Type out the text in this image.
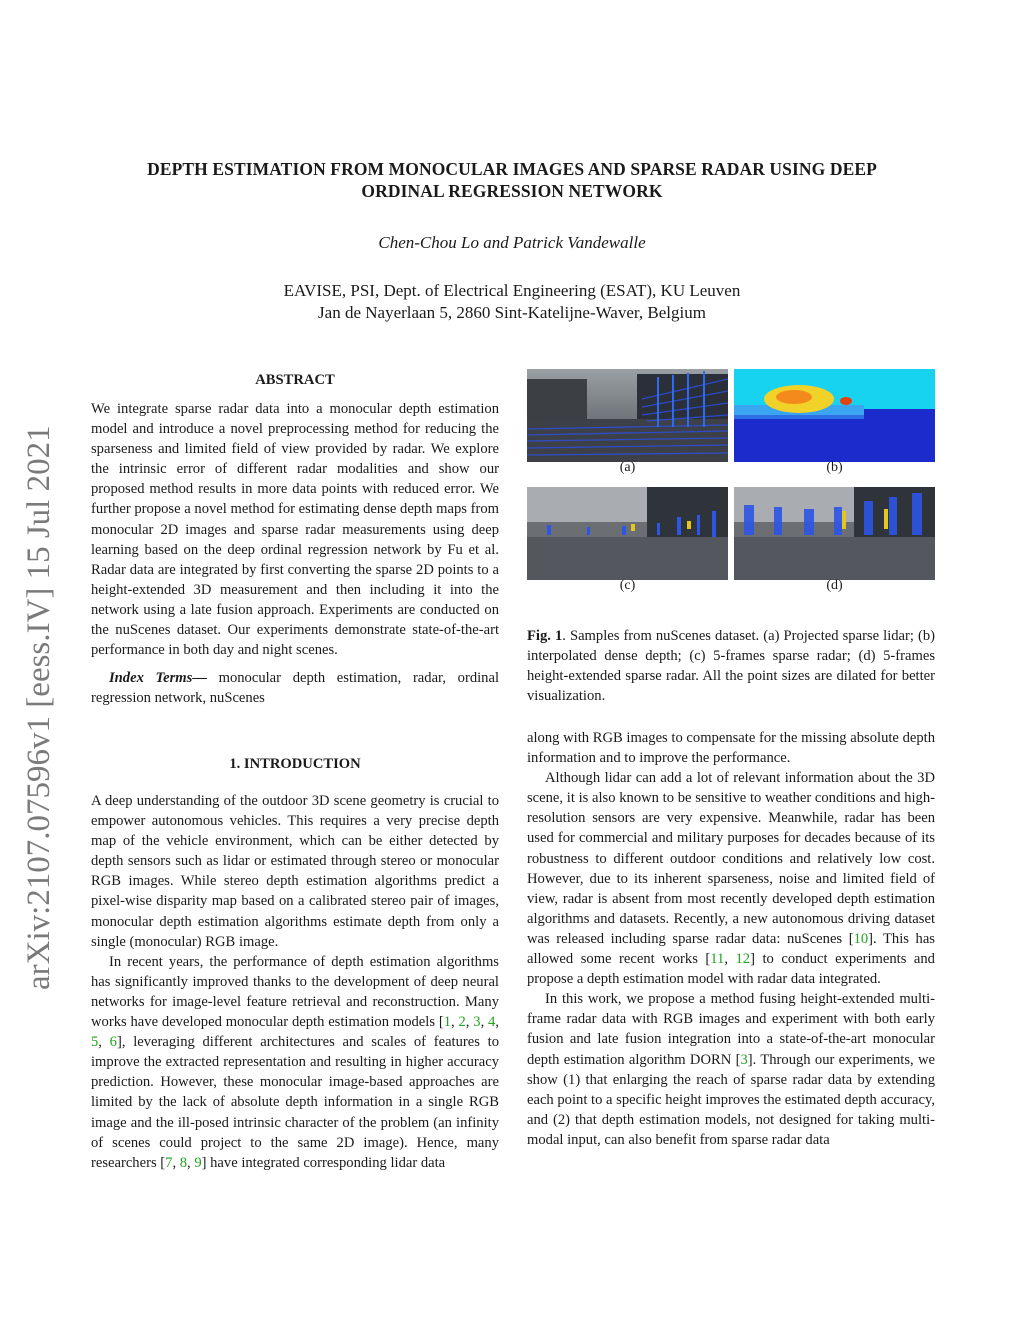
arXiv:2107.07596v1 [eess.IV] 15 Jul 2021
DEPTH ESTIMATION FROM MONOCULAR IMAGES AND SPARSE RADAR USING DEEP
ORDINAL REGRESSION NETWORK
Chen-Chou Lo and Patrick Vandewalle
EAVISE, PSI, Dept. of Electrical Engineering (ESAT), KU Leuven
Jan de Nayerlaan 5, 2860 Sint-Katelijne-Waver, Belgium
ABSTRACT

We integrate sparse radar data into a monocular depth estimation model and introduce a novel preprocessing method for reducing the sparseness and limited field of view provided by radar. We explore the intrinsic error of different radar modalities and show our proposed method results in more data points with reduced error. We further propose a novel method for estimating dense depth maps from monocular 2D images and sparse radar measurements using deep learning based on the deep ordinal regression network by Fu et al. Radar data are integrated by first converting the sparse 2D points to a height-extended 3D measurement and then including it into the network using a late fusion approach. Experiments are conducted on the nuScenes dataset. Our experiments demonstrate state-of-the-art performance in both day and night scenes.

Index Terms— monocular depth estimation, radar, ordinal regression network, nuScenes

1. INTRODUCTION

A deep understanding of the outdoor 3D scene geometry is crucial to empower autonomous vehicles. This requires a very precise depth map of the vehicle environment, which can be either detected by depth sensors such as lidar or estimated through stereo or monocular RGB images. While stereo depth estimation algorithms predict a pixel-wise disparity map based on a calibrated stereo pair of images, monocular depth estimation algorithms estimate depth from only a single (monocular) RGB image.

In recent years, the performance of depth estimation algorithms has significantly improved thanks to the development of deep neural networks for image-level feature retrieval and reconstruction. Many works have developed monocular depth estimation models [1, 2, 3, 4, 5, 6], leveraging different architectures and scales of features to improve the extracted representation and resulting in higher accuracy prediction. However, these monocular image-based approaches are limited by the lack of absolute depth information in a single RGB image and the ill-posed intrinsic character of the problem (an infinity of scenes could project to the same 2D image). Hence, many researchers [7, 8, 9] have integrated corresponding lidar data

(a)	(b)
(c)	(d)

Fig. 1. Samples from nuScenes dataset. (a) Projected sparse lidar; (b) interpolated dense depth; (c) 5-frames sparse radar; (d) 5-frames height-extended sparse radar. All the point sizes are dilated for better visualization.

along with RGB images to compensate for the missing absolute depth information and to improve the performance.

Although lidar can add a lot of relevant information about the 3D scene, it is also known to be sensitive to weather conditions and high-resolution sensors are very expensive. Meanwhile, radar has been used for commercial and military purposes for decades because of its robustness to different outdoor conditions and relatively low cost. However, due to its inherent sparseness, noise and limited field of view, radar is absent from most recently developed depth estimation algorithms and datasets. Recently, a new autonomous driving dataset was released including sparse radar data: nuScenes [10]. This has allowed some recent works [11, 12] to conduct experiments and propose a depth estimation model with radar data integrated.

In this work, we propose a method fusing height-extended multi-frame radar data with RGB images and experiment with both early fusion and late fusion integration into a state-of-the-art monocular depth estimation algorithm DORN [3]. Through our experiments, we show (1) that enlarging the reach of sparse radar data by extending each point to a specific height improves the estimated depth accuracy, and (2) that depth estimation models, not designed for taking multi-modal input, can also benefit from sparse radar data
